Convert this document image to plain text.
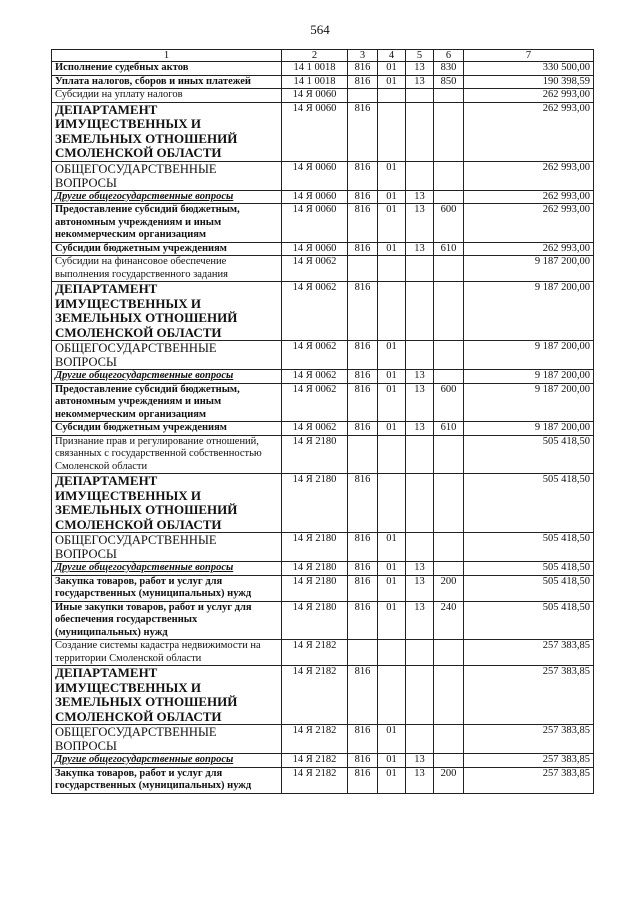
564
1	2	3	4	5	6	7
Исполнение судебных актов	14 1 0018	816	01	13	830	330 500,00
Уплата налогов, сборов и иных платежей	14 1 0018	816	01	13	850	190 398,59
Субсидии на уплату налогов	14 Я 0060					262 993,00
ДЕПАРТАМЕНТ ИМУЩЕСТВЕННЫХ И ЗЕМЕЛЬНЫХ ОТНОШЕНИЙ СМОЛЕНСКОЙ ОБЛАСТИ	14 Я 0060	816				262 993,00
ОБЩЕГОСУДАРСТВЕННЫЕ ВОПРОСЫ	14 Я 0060	816	01			262 993,00
Другие общегосударственные вопросы	14 Я 0060	816	01	13		262 993,00
Предоставление субсидий бюджетным, автономным учреждениям и иным некоммерческим организациям	14 Я 0060	816	01	13	600	262 993,00
Субсидии бюджетным учреждениям	14 Я 0060	816	01	13	610	262 993,00
Субсидии на финансовое обеспечение выполнения государственного задания	14 Я 0062					9 187 200,00
ДЕПАРТАМЕНТ ИМУЩЕСТВЕННЫХ И ЗЕМЕЛЬНЫХ ОТНОШЕНИЙ СМОЛЕНСКОЙ ОБЛАСТИ	14 Я 0062	816				9 187 200,00
ОБЩЕГОСУДАРСТВЕННЫЕ ВОПРОСЫ	14 Я 0062	816	01			9 187 200,00
Другие общегосударственные вопросы	14 Я 0062	816	01	13		9 187 200,00
Предоставление субсидий бюджетным, автономным учреждениям и иным некоммерческим организациям	14 Я 0062	816	01	13	600	9 187 200,00
Субсидии бюджетным учреждениям	14 Я 0062	816	01	13	610	9 187 200,00
Признание прав и регулирование отношений, связанных с государственной собственностью Смоленской области	14 Я 2180					505 418,50
ДЕПАРТАМЕНТ ИМУЩЕСТВЕННЫХ И ЗЕМЕЛЬНЫХ ОТНОШЕНИЙ СМОЛЕНСКОЙ ОБЛАСТИ	14 Я 2180	816				505 418,50
ОБЩЕГОСУДАРСТВЕННЫЕ ВОПРОСЫ	14 Я 2180	816	01			505 418,50
Другие общегосударственные вопросы	14 Я 2180	816	01	13		505 418,50
Закупка товаров, работ и услуг для государственных (муниципальных) нужд	14 Я 2180	816	01	13	200	505 418,50
Иные закупки товаров, работ и услуг для обеспечения государственных (муниципальных) нужд	14 Я 2180	816	01	13	240	505 418,50
Создание системы кадастра недвижимости на территории Смоленской области	14 Я 2182					257 383,85
ДЕПАРТАМЕНТ ИМУЩЕСТВЕННЫХ И ЗЕМЕЛЬНЫХ ОТНОШЕНИЙ СМОЛЕНСКОЙ ОБЛАСТИ	14 Я 2182	816				257 383,85
ОБЩЕГОСУДАРСТВЕННЫЕ ВОПРОСЫ	14 Я 2182	816	01			257 383,85
Другие общегосударственные вопросы	14 Я 2182	816	01	13		257 383,85
Закупка товаров, работ и услуг для государственных (муниципальных) нужд	14 Я 2182	816	01	13	200	257 383,85
